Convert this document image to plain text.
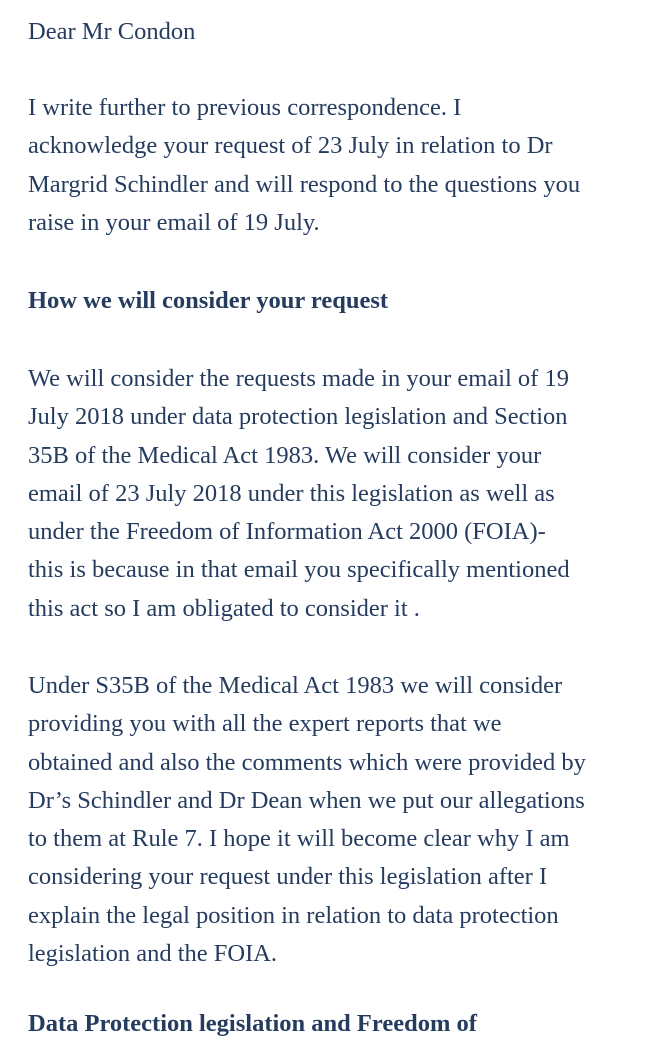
Dear Mr Condon

I write further to previous correspondence. I
acknowledge your request of 23 July in relation to Dr
Margrid Schindler and will respond to the questions you
raise in your email of 19 July.

How we will consider your request

We will consider the requests made in your email of 19
July 2018 under data protection legislation and Section
35B of the Medical Act 1983. We will consider your
email of 23 July 2018 under this legislation as well as
under the Freedom of Information Act 2000 (FOIA)-
this is because in that email you specifically mentioned
this act so I am obligated to consider it .

Under S35B of the Medical Act 1983 we will consider
providing you with all the expert reports that we
obtained and also the comments which were provided by
Dr’s Schindler and Dr Dean when we put our allegations
to them at Rule 7. I hope it will become clear why I am
considering your request under this legislation after I
explain the legal position in relation to data protection
legislation and the FOIA.

Data Protection legislation and Freedom of
